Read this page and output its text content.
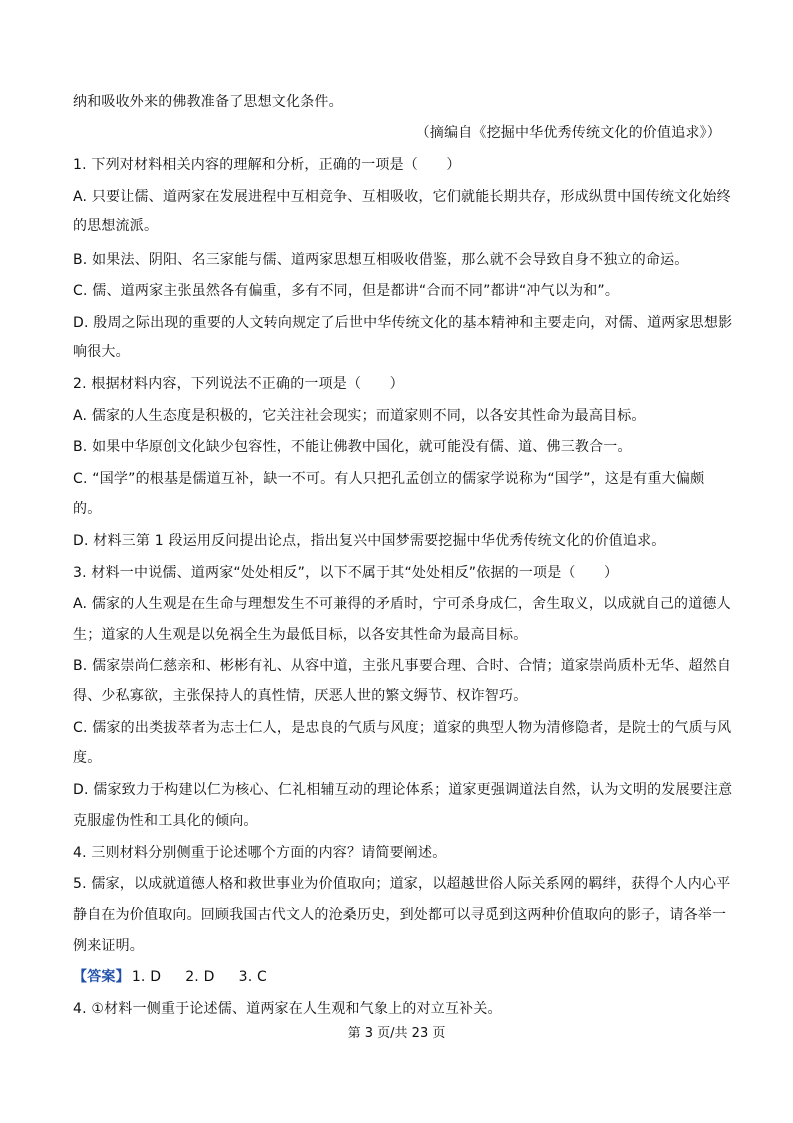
纳和吸收外来的佛教准备了思想文化条件。
（摘编自《挖掘中华优秀传统文化的价值追求》）
1. 下列对材料相关内容的理解和分析，正确的一项是（　　）
A. 只要让儒、道两家在发展进程中互相竞争、互相吸收，它们就能长期共存，形成纵贯中国传统文化始终
的思想流派。
B. 如果法、阴阳、名三家能与儒、道两家思想互相吸收借鉴，那么就不会导致自身不独立的命运。
C. 儒、道两家主张虽然各有偏重，多有不同，但是都讲“合而不同”都讲“冲气以为和”。
D. 殷周之际出现的重要的人文转向规定了后世中华传统文化的基本精神和主要走向，对儒、道两家思想影
响很大。
2. 根据材料内容，下列说法不正确的一项是（　　）
A. 儒家的人生态度是积极的，它关注社会现实；而道家则不同，以各安其性命为最高目标。
B. 如果中华原创文化缺少包容性，不能让佛教中国化，就可能没有儒、道、佛三教合一。
C. “国学”的根基是儒道互补，缺一不可。有人只把孔孟创立的儒家学说称为“国学”，这是有重大偏颇
的。
D. 材料三第 1 段运用反问提出论点，指出复兴中国梦需要挖掘中华优秀传统文化的价值追求。
3. 材料一中说儒、道两家“处处相反”，以下不属于其“处处相反”依据的一项是（　　）
A. 儒家的人生观是在生命与理想发生不可兼得的矛盾时，宁可杀身成仁，舍生取义，以成就自己的道德人
生；道家的人生观是以免祸全生为最低目标，以各安其性命为最高目标。
B. 儒家崇尚仁慈亲和、彬彬有礼、从容中道，主张凡事要合理、合时、合情；道家崇尚质朴无华、超然自
得、少私寡欲，主张保持人的真性情，厌恶人世的繁文缛节、权诈智巧。
C. 儒家的出类拔萃者为志士仁人，是忠良的气质与风度；道家的典型人物为清修隐者，是院士的气质与风
度。
D. 儒家致力于构建以仁为核心、仁礼相辅互动的理论体系；道家更强调道法自然，认为文明的发展要注意
克服虚伪性和工具化的倾向。
4. 三则材料分别侧重于论述哪个方面的内容？请简要阐述。
5. 儒家，以成就道德人格和救世事业为价值取向；道家，以超越世俗人际关系网的羁绊，获得个人内心平
静自在为价值取向。回顾我国古代文人的沧桑历史，到处都可以寻觅到这两种价值取向的影子，请各举一
例来证明。
【答案】 1. D 2. D 3. C
4. ①材料一侧重于论述儒、道两家在人生观和气象上的对立互补关。
第 3 页/共 23 页
